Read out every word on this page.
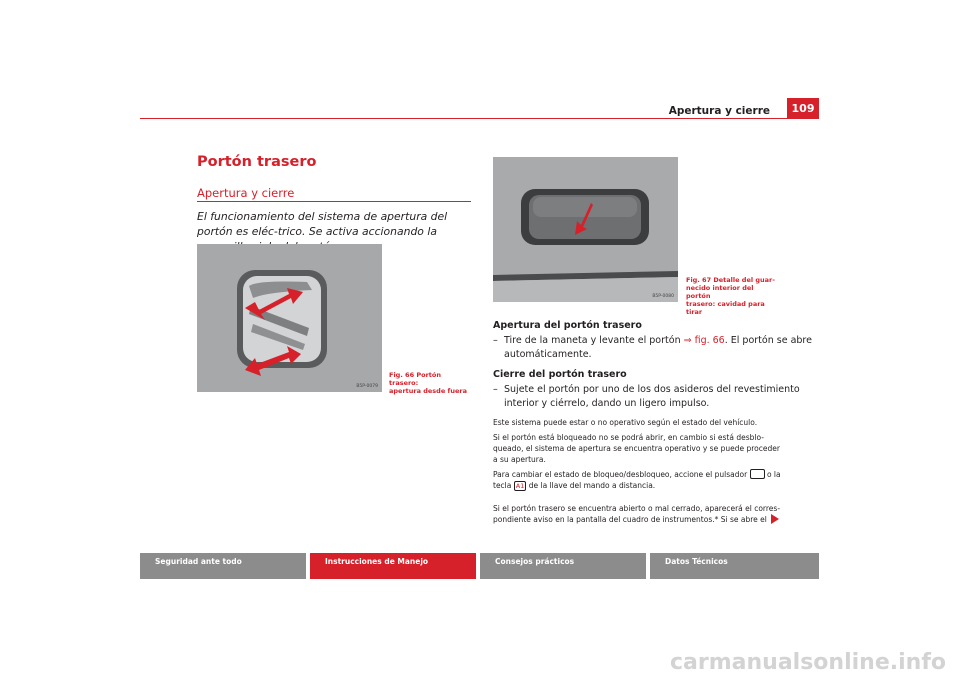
Apertura y cierre	109
Portón trasero
Apertura y cierre
El funcionamiento del sistema de apertura del portón es eléc-trico. Se activa accionando la
B5P-0079
Fig. 66 Portón trasero:
apertura desde fuera
B5P-0080
Fig. 67 Detalle del guar-
necido interior del portón
trasero: cavidad para tirar
Apertura del portón trasero
– Tire de la maneta y levante el portón ⇒ fig. 66. El portón se abre
automáticamente.
Cierre del portón trasero
– Sujete el portón por uno de los dos asideros del revestimiento
interior y ciérrelo, dando un ligero impulso.
Este sistema puede estar o no operativo según el estado del vehículo.
Si el portón está bloqueado no se podrá abrir, en cambio si está desblo-
queado, el sistema de apertura se encuentra operativo y se puede proceder
a su apertura.
Para cambiar el estado de bloqueo/desbloqueo, accione el pulsador  o la
tecla A1 de la llave del mando a distancia.
Si el portón trasero se encuentra abierto o mal cerrado, aparecerá el corres-
pondiente aviso en la pantalla del cuadro de instrumentos.* Si se abre el
Seguridad ante todo	Instrucciones de Manejo	Consejos prácticos	Datos Técnicos
carmanualsonline.info
